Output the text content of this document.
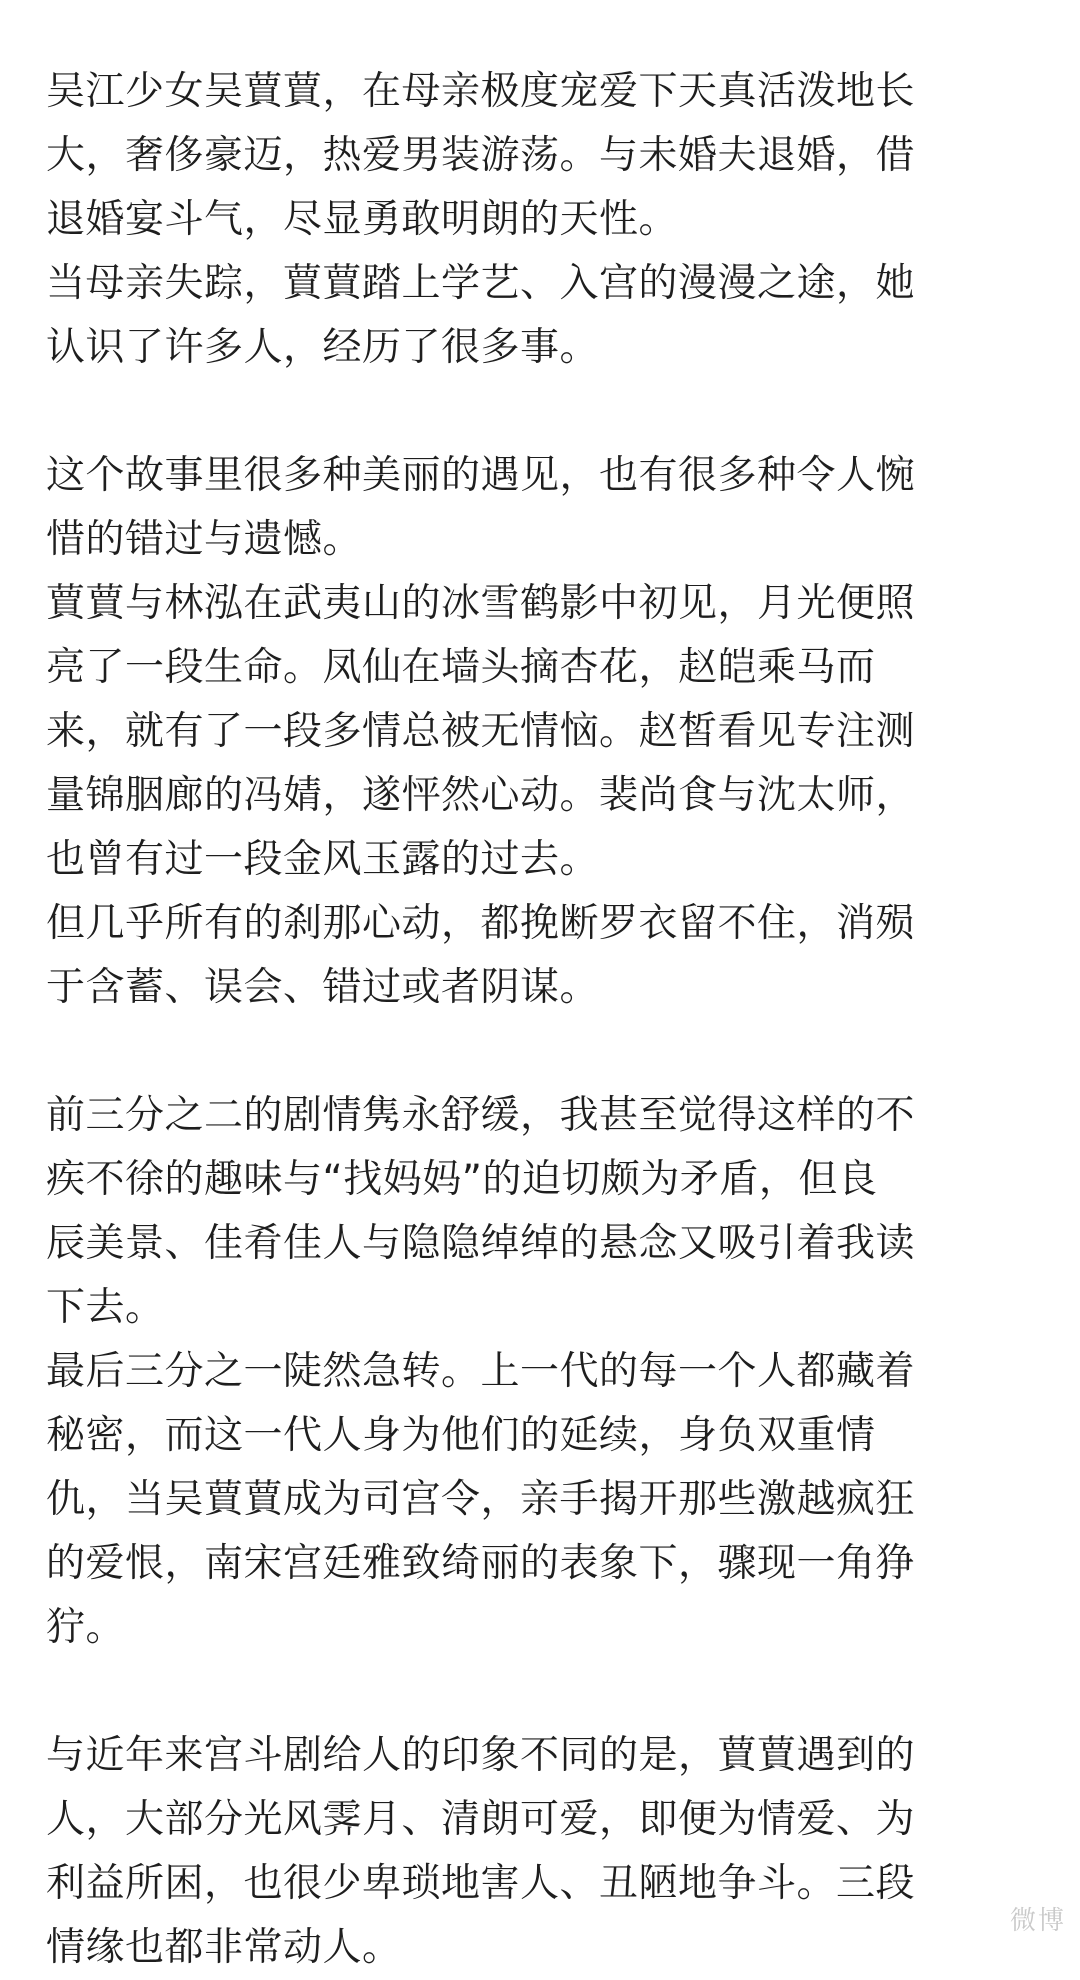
吴江少女吴蕒蕒，在母亲极度宠爱下天真活泼地长
大，奢侈豪迈，热爱男装游荡。与未婚夫退婚，借
退婚宴斗气，尽显勇敢明朗的天性。
当母亲失踪，蕒蕒踏上学艺、入宫的漫漫之途，她
认识了许多人，经历了很多事。
这个故事里很多种美丽的遇见，也有很多种令人惋
惜的错过与遗憾。
蕒蕒与林泓在武夷山的冰雪鹤影中初见，月光便照
亮了一段生命。凤仙在墙头摘杏花，赵皑乘马而
来，就有了一段多情总被无情恼。赵皙看见专注测
量锦胭廊的冯婧，遂怦然心动。裴尚食与沈太师，
也曾有过一段金风玉露的过去。
但几乎所有的刹那心动，都挽断罗衣留不住，消殒
于含蓄、误会、错过或者阴谋。
前三分之二的剧情隽永舒缓，我甚至觉得这样的不
疾不徐的趣味与“找妈妈”的迫切颇为矛盾，但良
辰美景、佳肴佳人与隐隐绰绰的悬念又吸引着我读
下去。
最后三分之一陡然急转。上一代的每一个人都藏着
秘密，而这一代人身为他们的延续，身负双重情
仇，当吴蕒蕒成为司宫令，亲手揭开那些激越疯狂
的爱恨，南宋宫廷雅致绮丽的表象下，骤现一角狰
狞。
与近年来宫斗剧给人的印象不同的是，蕒蕒遇到的
人，大部分光风霁月、清朗可爱，即便为情爱、为
利益所困，也很少卑琐地害人、丑陋地争斗。三段
情缘也都非常动人。
微博
